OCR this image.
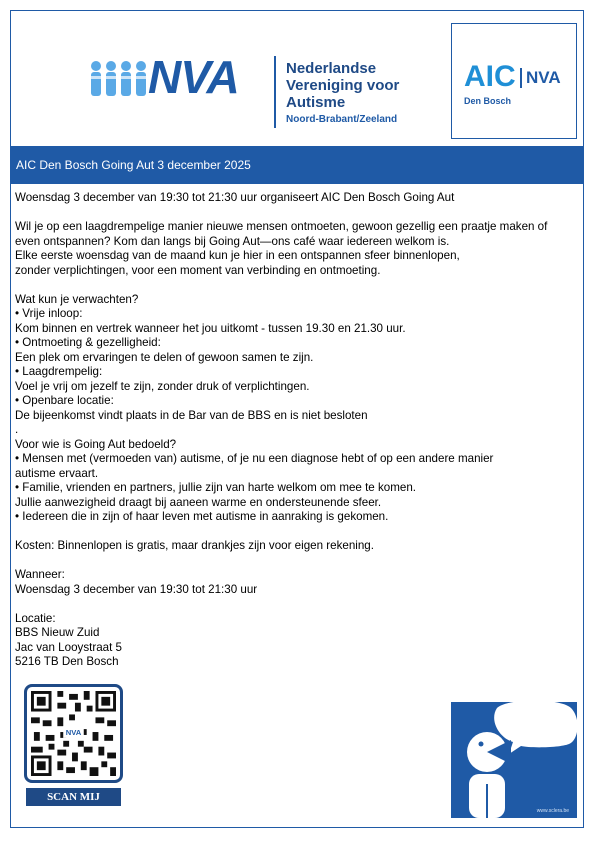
NVA	Nederlandse
Vereniging voor
Autisme
Noord-Brabant/Zeeland
AIC NVA
Den Bosch
AIC Den Bosch Going Aut 3 december 2025

Woensdag 3 december van 19:30 tot 21:30 uur organiseert AIC Den Bosch Going Aut

Wil je op een laagdrempelige manier nieuwe mensen ontmoeten, gewoon gezellig een praatje maken of
even ontspannen? Kom dan langs bij Going Aut—ons café waar iedereen welkom is.
Elke eerste woensdag van de maand kun je hier in een ontspannen sfeer binnenlopen,
zonder verplichtingen, voor een moment van verbinding en ontmoeting.

Wat kun je verwachten?
• Vrije inloop:
Kom binnen en vertrek wanneer het jou uitkomt - tussen 19.30 en 21.30 uur.
• Ontmoeting & gezelligheid:
Een plek om ervaringen te delen of gewoon samen te zijn.
• Laagdrempelig:
Voel je vrij om jezelf te zijn, zonder druk of verplichtingen.
• Openbare locatie:
De bijeenkomst vindt plaats in de Bar van de BBS en is niet besloten
.
Voor wie is Going Aut bedoeld?
• Mensen met (vermoeden van) autisme, of je nu een diagnose hebt of op een andere manier
autisme ervaart.
• Familie, vrienden en partners, jullie zijn van harte welkom om mee te komen.
Jullie aanwezigheid draagt bij aaneen warme en ondersteunende sfeer.
• Iedereen die in zijn of haar leven met autisme in aanraking is gekomen.

Kosten: Binnenlopen is gratis, maar drankjes zijn voor eigen rekening.

Wanneer:
Woensdag 3 december van 19:30 tot 21:30 uur

Locatie:
BBS Nieuw Zuid
Jac van Looystraat 5
5216 TB Den Bosch

NVA
SCAN MIJ
www.sclera.be
